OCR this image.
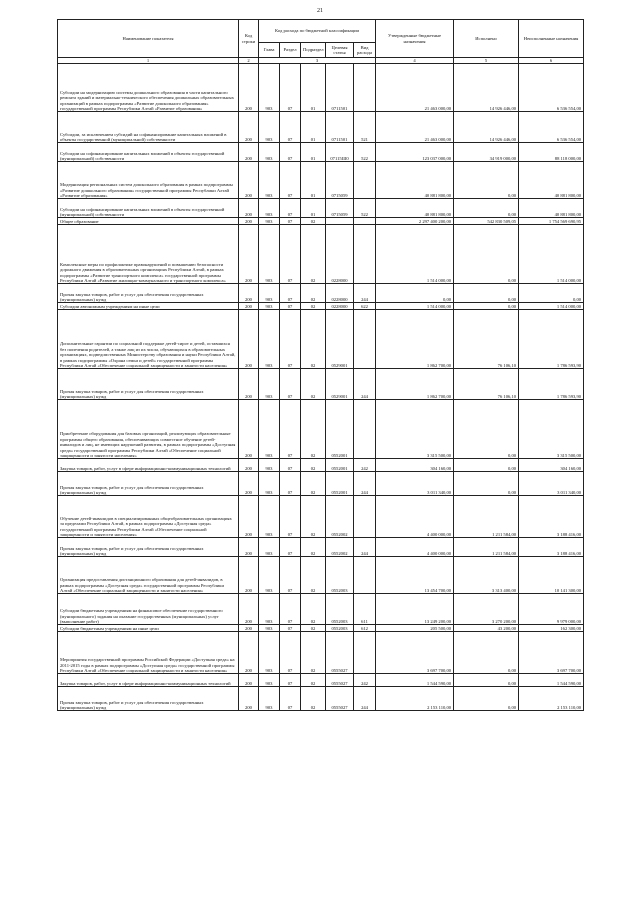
21
Наименование показателя	Код строки	Код расхода по бюджетной классификации					Утвержденные бюджетные назначения	Исполнено	Неисполненные назначения
		Глава	Раздел	Подраздел	Целевая статья	Вид расхода			
1	2	3					4	5	6
Субсидии на модернизацию системы дошкольного образования в части капитального ремонта зданий и материально-технического обеспечения дошкольных образовательных организаций в рамках подпрограммы «Развитие дошкольного образования» государственной программы Республики Алтай «Развитие образования»	200	903	07	01	0711501		21 463 000,00	14 926 446,00	6 536 554,00
Субсидии, за исключением субсидий на софинансирование капитальных вложений в объекты государственной (муниципальной) собственности	200	903	07	01	0711501	521	21 463 000,00	14 926 446,00	6 536 554,00
Субсидии на софинансирование капитальных вложений в объекты государственной (муниципальной) собственности	200	903	07	01	07115Ш0	522	123 037 000,00	34 919 000,00	88 118 000,00
Модернизация региональных систем дошкольного образования в рамках подпрограммы «Развитие дошкольного образования» государственной программы Республики Алтай «Развитие образования»	200	903	07	01	0715059		40 881 800,00	0,00	40 881 800,00
Субсидии на софинансирование капитальных вложений в объекты государственной (муниципальной) собственности	200	903	07	01	0715059	522	40 881 800,00	0,00	40 881 800,00
Общее образование	200	903	07	02			2 297 400 200,00	542 830 509,05	1 754 569 690,95
Комплексные меры по профилактике правонарушений и повышению безопасности дорожного движения в образовательных организациях Республики Алтай, в рамках подпрограммы «Развитие транспортного комплекса» государственной программы Республики Алтай «Развитие жилищно-коммунального и транспортного комплекса»	200	903	07	02	0228000		1 514 000,00	0,00	1 514 000,00
Прочая закупка товаров, работ и услуг для обеспечения государственных (муниципальных) нужд	200	903	07	02	0228000	244	0,00	0,00	0,00
Субсидии автономным учреждениям на иные цели	200	903	07	02	0228000	622	1 514 000,00	0,00	1 514 000,00
Дополнительные гарантии по социальной поддержке детей-сирот и детей, оставшихся без попечения родителей, а также лиц из их числа, обучающихся в образовательных организациях, подведомственных Министерству образования и науки Республики Алтай, в рамках подпрограммы «Охрана семьи и детей» государственной программы Республики Алтай «Обеспечение социальной защищенности и занятости населения»	200	903	07	02	0529001		1 862 700,00	76 106,10	1 786 593,90
Прочая закупка товаров, работ и услуг для обеспечения государственных (муниципальных) нужд	200	903	07	02	0529001	244	1 862 700,00	76 106,10	1 786 593,90
Приобретение оборудования для базовых организаций, реализующих образовательные программы общего образования, обеспечивающих совместное обучение детей-инвалидов и лиц, не имеющих нарушений развития, в рамках подпрограммы «Доступная среда» государственной программы Республики Алтай «Обеспечение социальной защищенности и занятости населения»	200	903	07	02	0552001		3 315 500,00	0,00	3 315 500,00
Закупка товаров, работ, услуг в сфере информационно-коммуникационных технологий	200	903	07	02	0552001	242	304 160,00	0,00	304 160,00
Прочая закупка товаров, работ и услуг для обеспечения государственных (муниципальных) нужд	200	903	07	02	0552001	244	3 011 340,00	0,00	3 011 340,00
Обучение детей-инвалидов в специализированных общеобразовательных организациях за пределами Республики Алтай, в рамках подпрограммы «Доступная среда» государственной программы Республики Алтай «Обеспечение социальной защищенности и занятости населения»	200	903	07	02	0552002		4 400 000,00	1 211 584,00	3 188 416,00
Прочая закупка товаров, работ и услуг для обеспечения государственных (муниципальных) нужд	200	903	07	02	0552002	244	4 400 000,00	1 211 584,00	3 188 416,00
Организация предоставления дистанционного образования для детей-инвалидов, в рамках подпрограммы «Доступная среда» государственной программы Республики Алтай «Обеспечение социальной защищенности и занятости населения»	200	903	07	02	0552003		13 454 700,00	3 313 400,00	10 141 300,00
Субсидии бюджетным учреждениям на финансовое обеспечение государственного (муниципального) задания на оказание государственных (муниципальных) услуг (выполнение работ)	200	903	07	02	0552003	611	13 249 200,00	3 270 200,00	9 979 000,00
Субсидии бюджетным учреждениям на иные цели	200	903	07	02	0552003	612	205 500,00	43 200,00	162 300,00
Мероприятия государственной программы Российской Федерации «Доступная среда» на 2011-2015 годы в рамках подпрограммы «Доступная среда» государственной программы Республики Алтай «Обеспечение социальной защищенности и занятости населения»	200	903	07	02	0555027		3 697 700,00	0,00	3 697 700,00
Закупка товаров, работ, услуг в сфере информационно-коммуникационных технологий	200	903	07	02	0555027	242	1 544 590,00	0,00	1 544 590,00
Прочая закупка товаров, работ и услуг для обеспечения государственных (муниципальных) нужд	200	903	07	02	0555027	244	2 153 110,00	0,00	2 153 110,00
